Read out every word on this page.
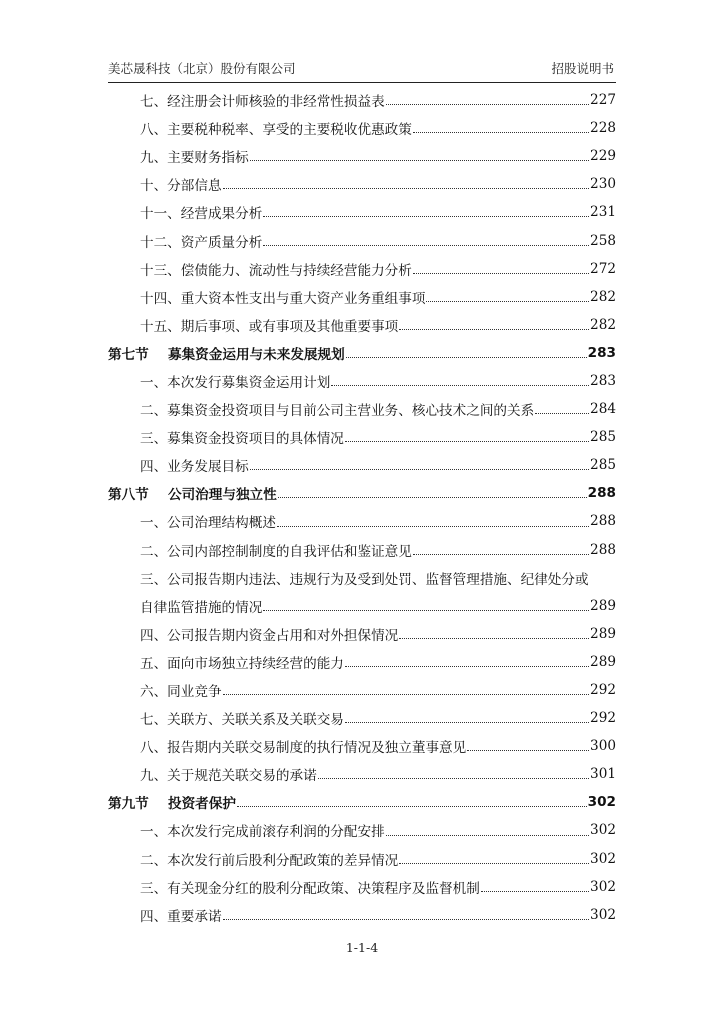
美芯晟科技（北京）股份有限公司	招股说明书
七、经注册会计师核验的非经常性损益表	227
八、主要税种税率、享受的主要税收优惠政策	228
九、主要财务指标	229
十、分部信息	230
十一、经营成果分析	231
十二、资产质量分析	258
十三、偿债能力、流动性与持续经营能力分析	272
十四、重大资本性支出与重大资产业务重组事项	282
十五、期后事项、或有事项及其他重要事项	282
第七节 募集资金运用与未来发展规划	283
一、本次发行募集资金运用计划	283
二、募集资金投资项目与目前公司主营业务、核心技术之间的关系	284
三、募集资金投资项目的具体情况	285
四、业务发展目标	285
第八节 公司治理与独立性	288
一、公司治理结构概述	288
二、公司内部控制制度的自我评估和鉴证意见	288
三、公司报告期内违法、违规行为及受到处罚、监督管理措施、纪律处分或
自律监管措施的情况	289
四、公司报告期内资金占用和对外担保情况	289
五、面向市场独立持续经营的能力	289
六、同业竞争	292
七、关联方、关联关系及关联交易	292
八、报告期内关联交易制度的执行情况及独立董事意见	300
九、关于规范关联交易的承诺	301
第九节 投资者保护	302
一、本次发行完成前滚存利润的分配安排	302
二、本次发行前后股利分配政策的差异情况	302
三、有关现金分红的股利分配政策、决策程序及监督机制	302
四、重要承诺	302
1-1-4
